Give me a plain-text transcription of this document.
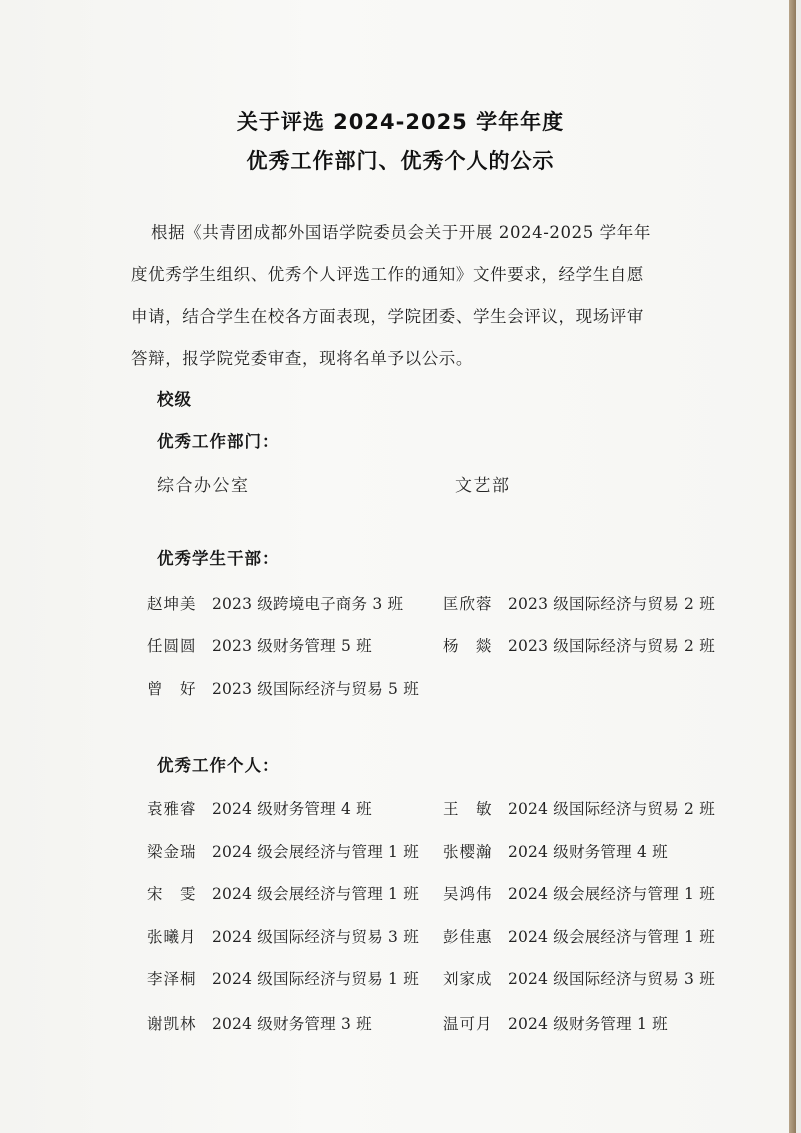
关于评选 2024-2025 学年年度
优秀工作部门、优秀个人的公示
根据《共青团成都外国语学院委员会关于开展 2024-2025 学年年
度优秀学生组织、优秀个人评选工作的通知》文件要求，经学生自愿
申请，结合学生在校各方面表现，学院团委、学生会评议，现场评审
答辩，报学院党委审查，现将名单予以公示。
校级
优秀工作部门：
综合办公室	文艺部
优秀学生干部：
赵坤美 2023 级跨境电子商务 3 班
任圆圆 2023 级财务管理 5 班
曾　好 2023 级国际经济与贸易 5 班
匡欣蓉 2023 级国际经济与贸易 2 班
杨　燚 2023 级国际经济与贸易 2 班
优秀工作个人：
袁雅睿 2024 级财务管理 4 班
梁金瑞 2024 级会展经济与管理 1 班
宋　雯 2024 级会展经济与管理 1 班
张曦月 2024 级国际经济与贸易 3 班
李泽桐 2024 级国际经济与贸易 1 班
谢凯林 2024 级财务管理 3 班
王　敏 2024 级国际经济与贸易 2 班
张樱瀚 2024 级财务管理 4 班
吴鸿伟 2024 级会展经济与管理 1 班
彭佳惠 2024 级会展经济与管理 1 班
刘家成 2024 级国际经济与贸易 3 班
温可月 2024 级财务管理 1 班
